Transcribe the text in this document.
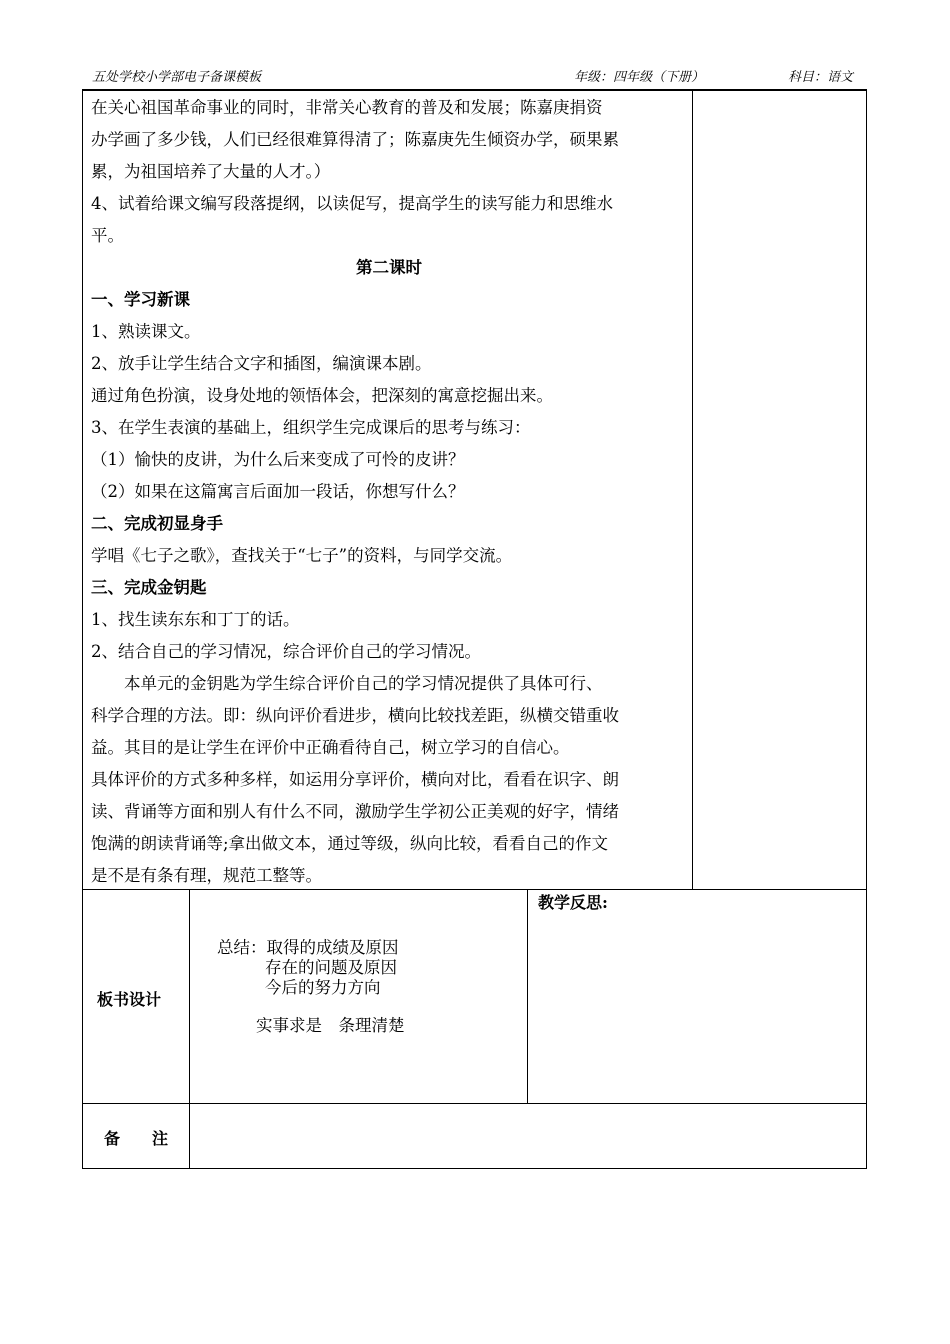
五处学校小学部电子备课模板	年级：四年级（下册）	科目：语文

在关心祖国革命事业的同时，非常关心教育的普及和发展；陈嘉庚捐资

办学画了多少钱，人们已经很难算得清了；陈嘉庚先生倾资办学，硕果累

累，为祖国培养了大量的人才。）

4、试着给课文编写段落提纲，以读促写，提高学生的读写能力和思维水

平。

第二课时

一、学习新课

1、熟读课文。

2、放手让学生结合文字和插图，编演课本剧。

通过角色扮演，设身处地的领悟体会，把深刻的寓意挖掘出来。

3、在学生表演的基础上，组织学生完成课后的思考与练习：

（1）愉快的皮讲，为什么后来变成了可怜的皮讲？

（2）如果在这篇寓言后面加一段话，你想写什么？

二、完成初显身手

学唱《七子之歌》，查找关于“七子”的资料，与同学交流。

三、完成金钥匙

1、找生读东东和丁丁的话。

2、结合自己的学习情况，综合评价自己的学习情况。

本单元的金钥匙为学生综合评价自己的学习情况提供了具体可行、

科学合理的方法。即：纵向评价看进步，横向比较找差距，纵横交错重收

益。其目的是让学生在评价中正确看待自己，树立学习的自信心。

具体评价的方式多种多样，如运用分享评价，横向对比，看看在识字、朗

读、背诵等方面和别人有什么不同，激励学生学初公正美观的好字，情绪

饱满的朗读背诵等;拿出做文本，通过等级，纵向比较，看看自己的作文

是不是有条有理，规范工整等。

板书设计
总结：取得的成绩及原因
存在的问题及原因
今后的努力方向
实事求是　条理清楚
教学反思:
备　　注
